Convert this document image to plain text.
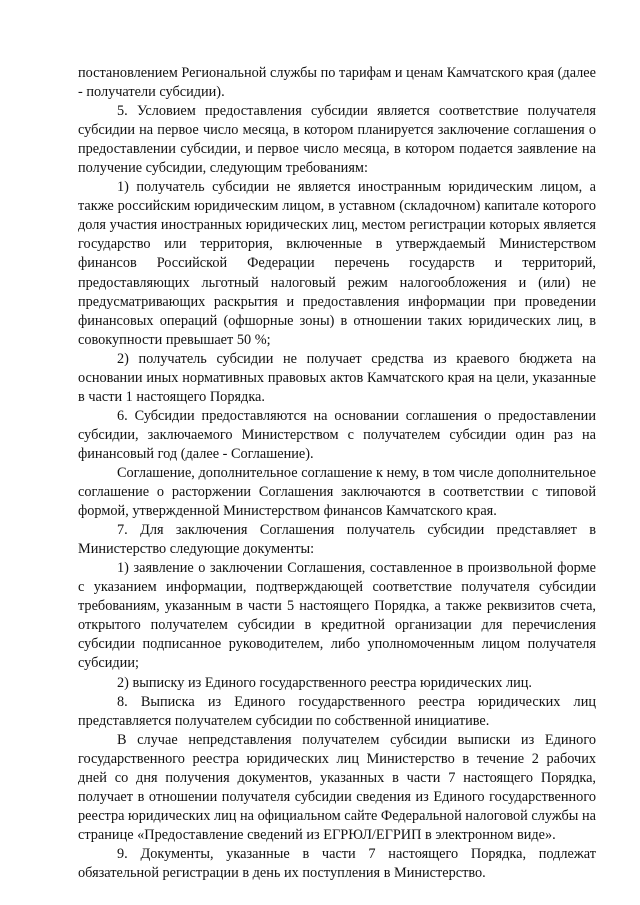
постановлением Региональной службы по тарифам и ценам Камчатского края (далее - получатели субсидии).

5. Условием предоставления субсидии является соответствие получателя субсидии на первое число месяца, в котором планируется заключение соглашения о предоставлении субсидии, и первое число месяца, в котором подается заявление на получение субсидии, следующим требованиям:

1) получатель субсидии не является иностранным юридическим лицом, а также российским юридическим лицом, в уставном (складочном) капитале которого доля участия иностранных юридических лиц, местом регистрации которых является государство или территория, включенные в утверждаемый Министерством финансов Российской Федерации перечень государств и территорий, предоставляющих льготный налоговый режим налогообложения и (или) не предусматривающих раскрытия и предоставления информации при проведении финансовых операций (офшорные зоны) в отношении таких юридических лиц, в совокупности превышает 50 %;

2) получатель субсидии не получает средства из краевого бюджета на основании иных нормативных правовых актов Камчатского края на цели, указанные в части 1 настоящего Порядка.

6. Субсидии предоставляются на основании соглашения о предоставлении субсидии, заключаемого Министерством с получателем субсидии один раз на финансовый год (далее - Соглашение).

Соглашение, дополнительное соглашение к нему, в том числе дополнительное соглашение о расторжении Соглашения заключаются в соответствии с типовой формой, утвержденной Министерством финансов Камчатского края.

7. Для заключения Соглашения получатель субсидии представляет в Министерство следующие документы:

1) заявление о заключении Соглашения, составленное в произвольной форме с указанием информации, подтверждающей соответствие получателя субсидии требованиям, указанным в части 5 настоящего Порядка, а также реквизитов счета, открытого получателем субсидии в кредитной организации для перечисления субсидии подписанное руководителем, либо уполномоченным лицом получателя субсидии;

2) выписку из Единого государственного реестра юридических лиц.

8. Выписка из Единого государственного реестра юридических лиц представляется получателем субсидии по собственной инициативе.

В случае непредставления получателем субсидии выписки из Единого государственного реестра юридических лиц Министерство в течение 2 рабочих дней со дня получения документов, указанных в части 7 настоящего Порядка, получает в отношении получателя субсидии сведения из Единого государственного реестра юридических лиц на официальном сайте Федеральной налоговой службы на странице «Предоставление сведений из ЕГРЮЛ/ЕГРИП в электронном виде».

9. Документы, указанные в части 7 настоящего Порядка, подлежат обязательной регистрации в день их поступления в Министерство.
